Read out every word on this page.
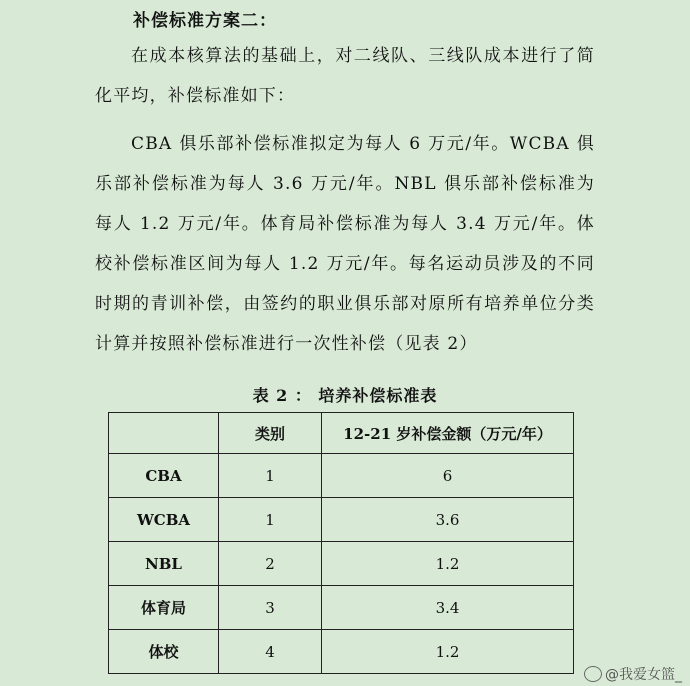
补偿标准方案二：

在成本核算法的基础上，对二线队、三线队成本进行了简化平均，补偿标准如下：

CBA 俱乐部补偿标准拟定为每人 6 万元/年。WCBA 俱乐部补偿标准为每人 3.6 万元/年。NBL 俱乐部补偿标准为每人 1.2 万元/年。体育局补偿标准为每人 3.4 万元/年。体校补偿标准区间为每人 1.2 万元/年。每名运动员涉及的不同时期的青训补偿，由签约的职业俱乐部对原所有培养单位分类计算并按照补偿标准进行一次性补偿（见表 2）

表 2 ： 培养补偿标准表
	类别	12-21 岁补偿金额（万元/年）
CBA	1	6
WCBA	1	3.6
NBL	2	1.2
体育局	3	3.4
体校	4	1.2
@我爱女篮_
